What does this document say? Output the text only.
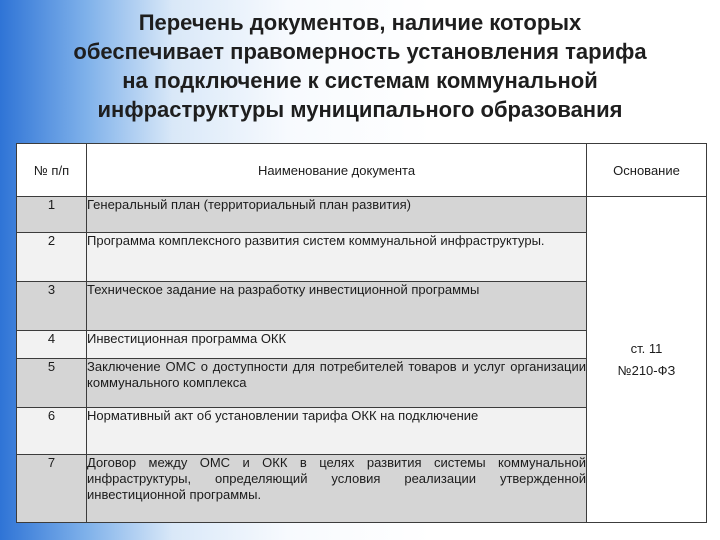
Перечень документов, наличие которых
обеспечивает правомерность установления тарифа
на подключение к системам коммунальной
инфраструктуры муниципального образования
№ п/п	Наименование документа	Основание
1	Генеральный план (территориальный план развития)	ст. 11
№210-ФЗ
2	Программа комплексного развития систем коммунальной инфраструктуры.	
3	Техническое задание на разработку инвестиционной программы	
4	Инвестиционная программа ОКК	
5	Заключение ОМС о доступности для потребителей товаров и услуг организации коммунального комплекса	
6	Нормативный акт об установлении тарифа ОКК на подключение	
7	Договор между ОМС и ОКК в целях развития системы коммунальной инфраструктуры, определяющий условия реализации утвержденной инвестиционной программы.	
